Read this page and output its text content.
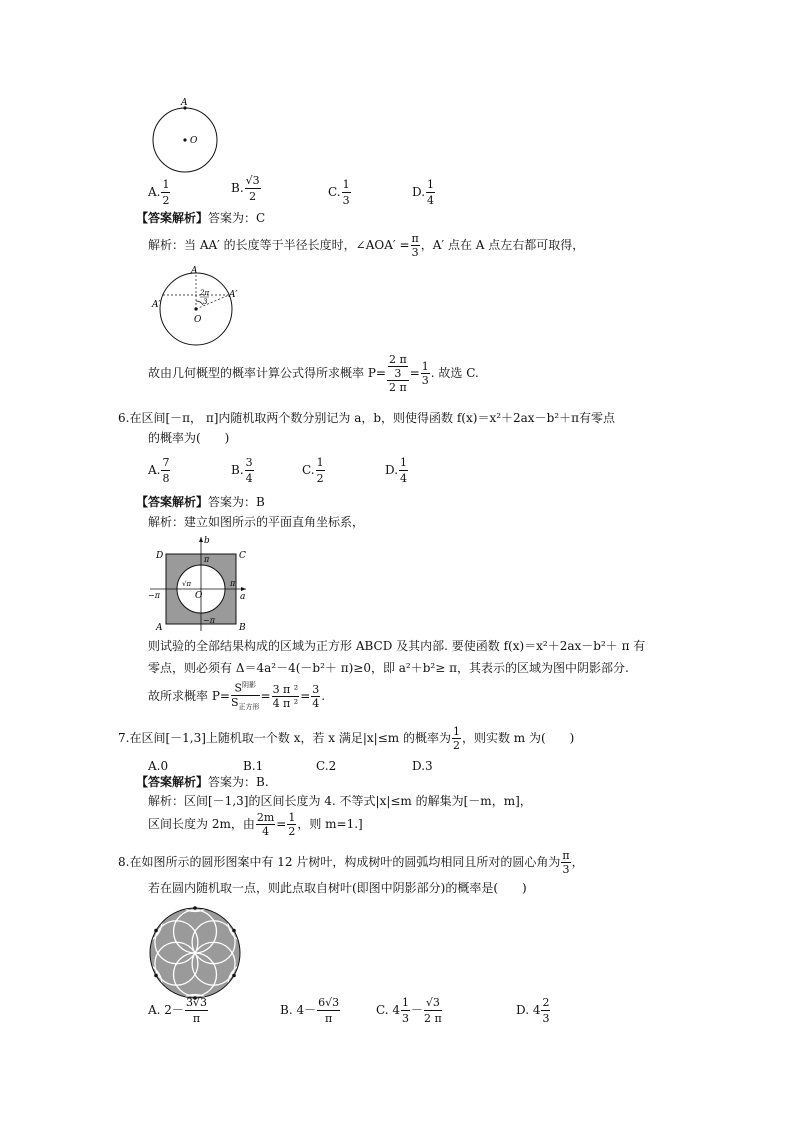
A
O
A. $\frac{1}{2}$	B. $\frac{√3}{2}$	C. $\frac{1}{3}$	D. $\frac{1}{4}$
【答案解析】答案为：C
解析：当 AA′ 的长度等于半径长度时，∠AOA′ = $\frac{\pi}{3}$ ，A′ 点在 A 点左右都可取得，
A
A′
A′
O
2π
3
故由几何概型的概率计算公式得所求概率 $P= \frac{\frac{2 \pi}{3}}{2 \pi} = \frac{1}{3}$ . 故选 C.
6.在区间[－π， π]内随机取两个数分别记为 a，b，则使得函数 f(x)＝x²＋2ax－b²＋π有零点
的概率为(　　)
A. $\frac{7}{8}$	B. $\frac{3}{4}$	C. $\frac{1}{2}$	D. $\frac{1}{4}$
【答案解析】答案为：B
解析：建立如图所示的平面直角坐标系，
D	C
A	B
b
a
π
π
−π
−π
√π
O
则试验的全部结果构成的区域为正方形 ABCD 及其内部. 要使函数 f(x)＝x²＋2ax－b²＋ π 有
零点，则必须有 Δ＝4a²－4(－b²＋ π)≥0，即 a²＋b²≥ π，其表示的区域为图中阴影部分.
故所求概率 $P= \frac{S^{阴影}}{S_{正方形}} = \frac{\text{3 π ²}}{\text{4 π ²}} = \frac{3}{4}$ .
7.在区间[－1,3]上随机取一个数 x，若 x 满足|x|≤m 的概率为 $\frac{1}{2}$ ，则实数 m 为(　　)
A.0	B.1	C.2	D.3
【答案解析】答案为：B.
解析：区间[－1,3]的区间长度为 4. 不等式|x|≤m 的解集为[－m，m]，
区间长度为 2m，由 $\frac{2m}{4} = \frac{1}{2}$ ，则 m=1.]
8.在如图所示的圆形图案中有 12 片树叶，构成树叶的圆弧均相同且所对的圆心角为 $\frac{\pi}{3}$ ，
若在圆内随机取一点，则此点取自树叶(即图中阴影部分)的概率是(　　)
A. $2- \frac{3√3}{\pi}$	B. $4- \frac{6√3}{\pi}$	C. $4 \frac{1}{3} - \frac{√3}{2 \pi}$	D. $4 \frac{2}{3}$
